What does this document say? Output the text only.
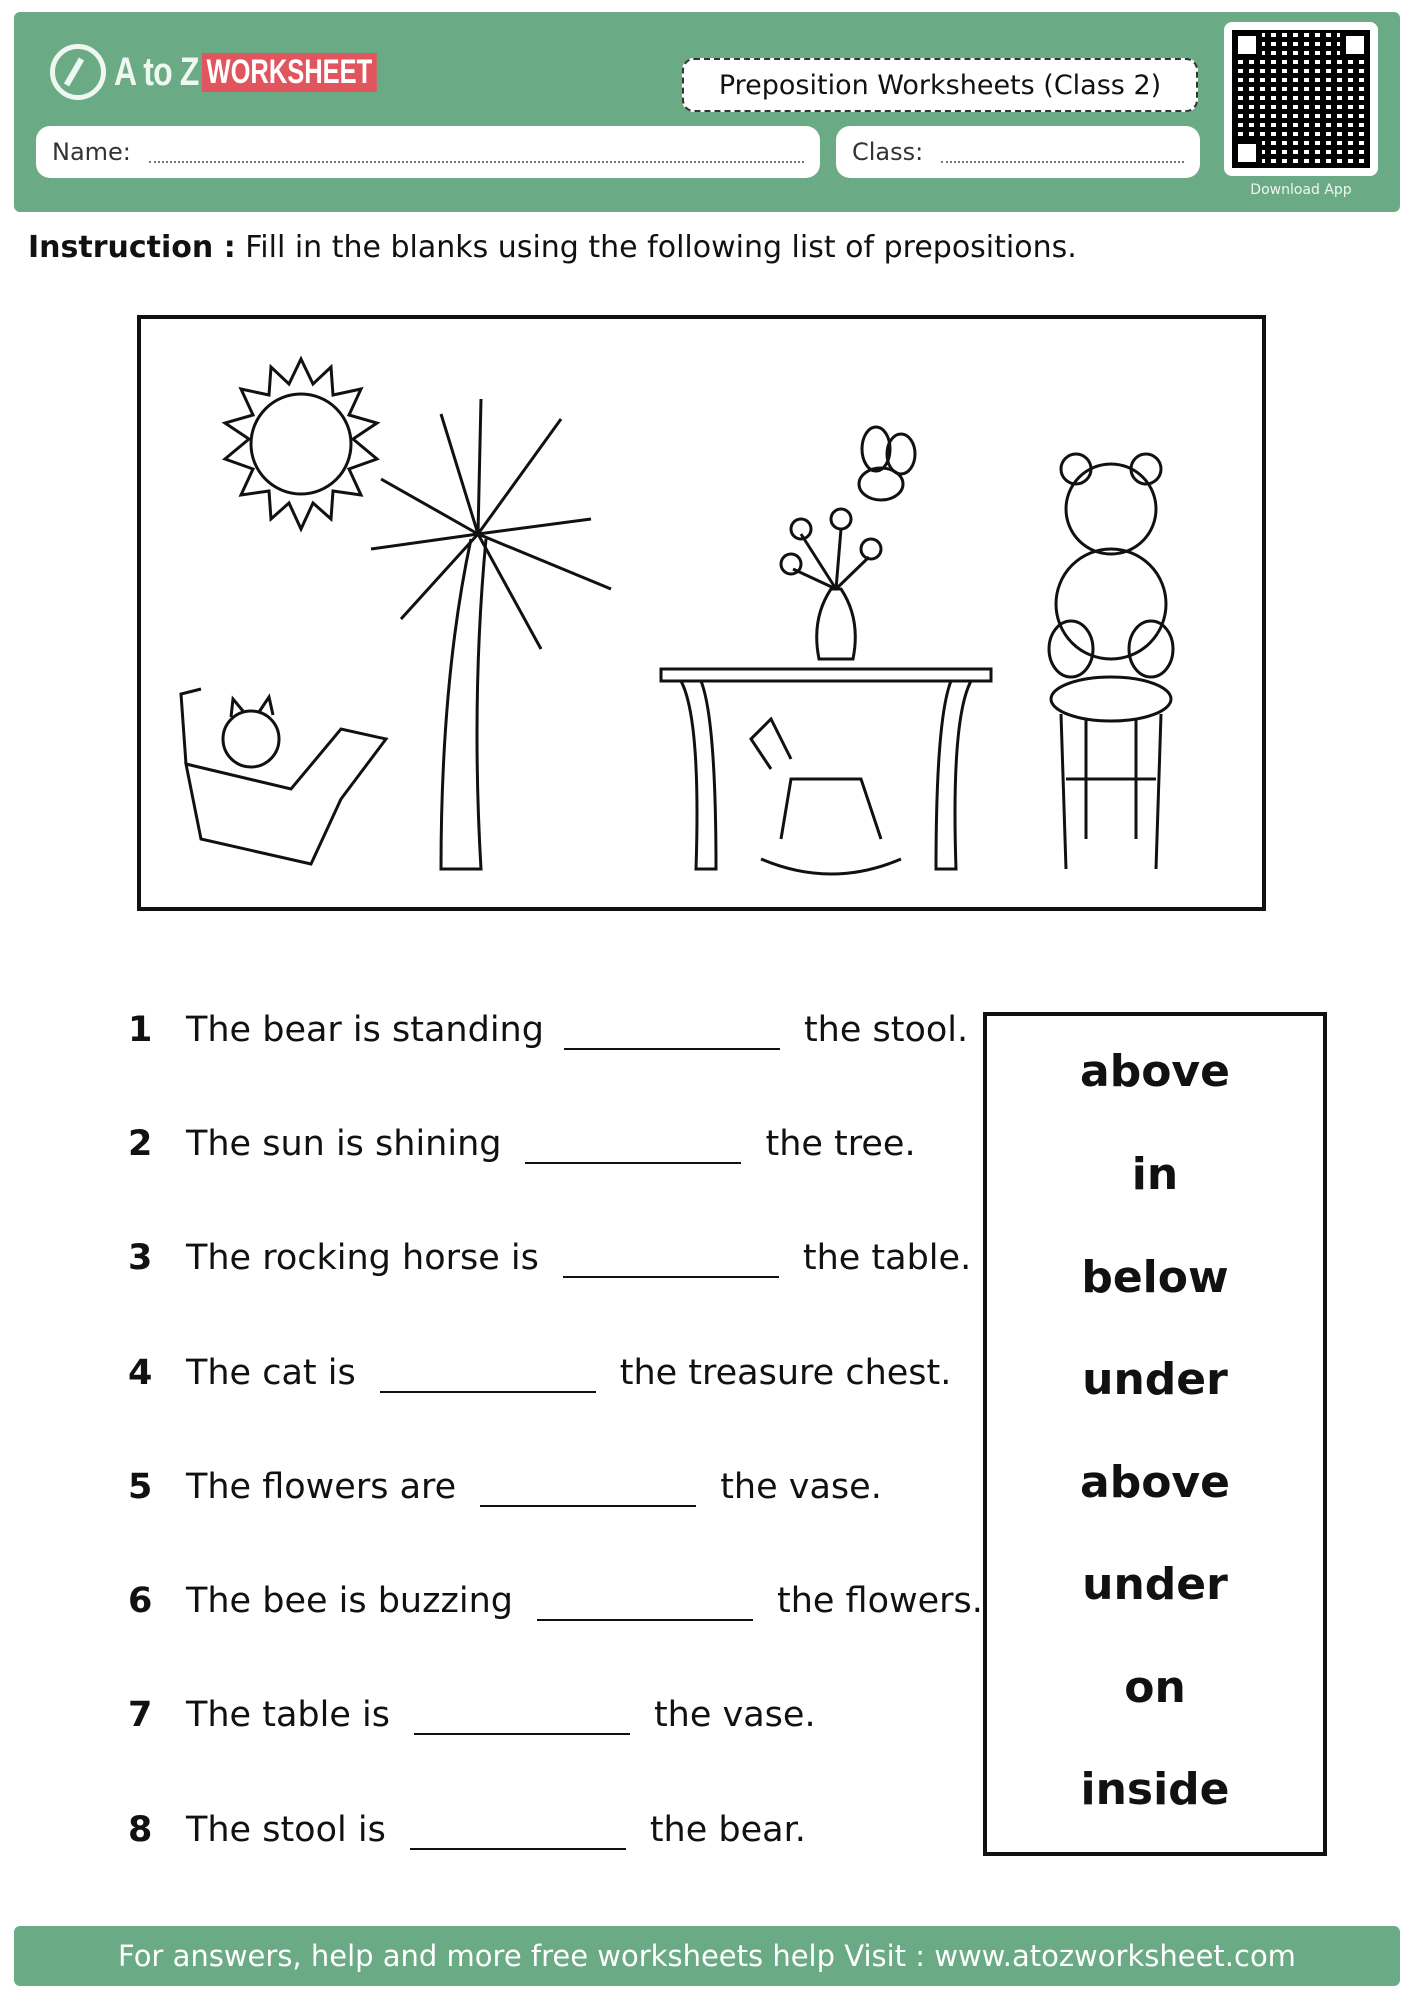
A to Z WORKSHEET	Preposition Worksheets (Class 2)
Name:	Class:
Download App
Instruction : Fill in the blanks using the following list of prepositions.
1 The bear is standing	the stool.
2 The sun is shining	the tree.
3 The rocking horse is	the table.
4 The cat is	the treasure chest.
5 The flowers are	the vase.
6 The bee is buzzing	the flowers.
7 The table is	the vase.
8 The stool is	the bear.
above
in
below
under
above
under
on
inside
For answers, help and more free worksheets help Visit : www.atozworksheet.com
